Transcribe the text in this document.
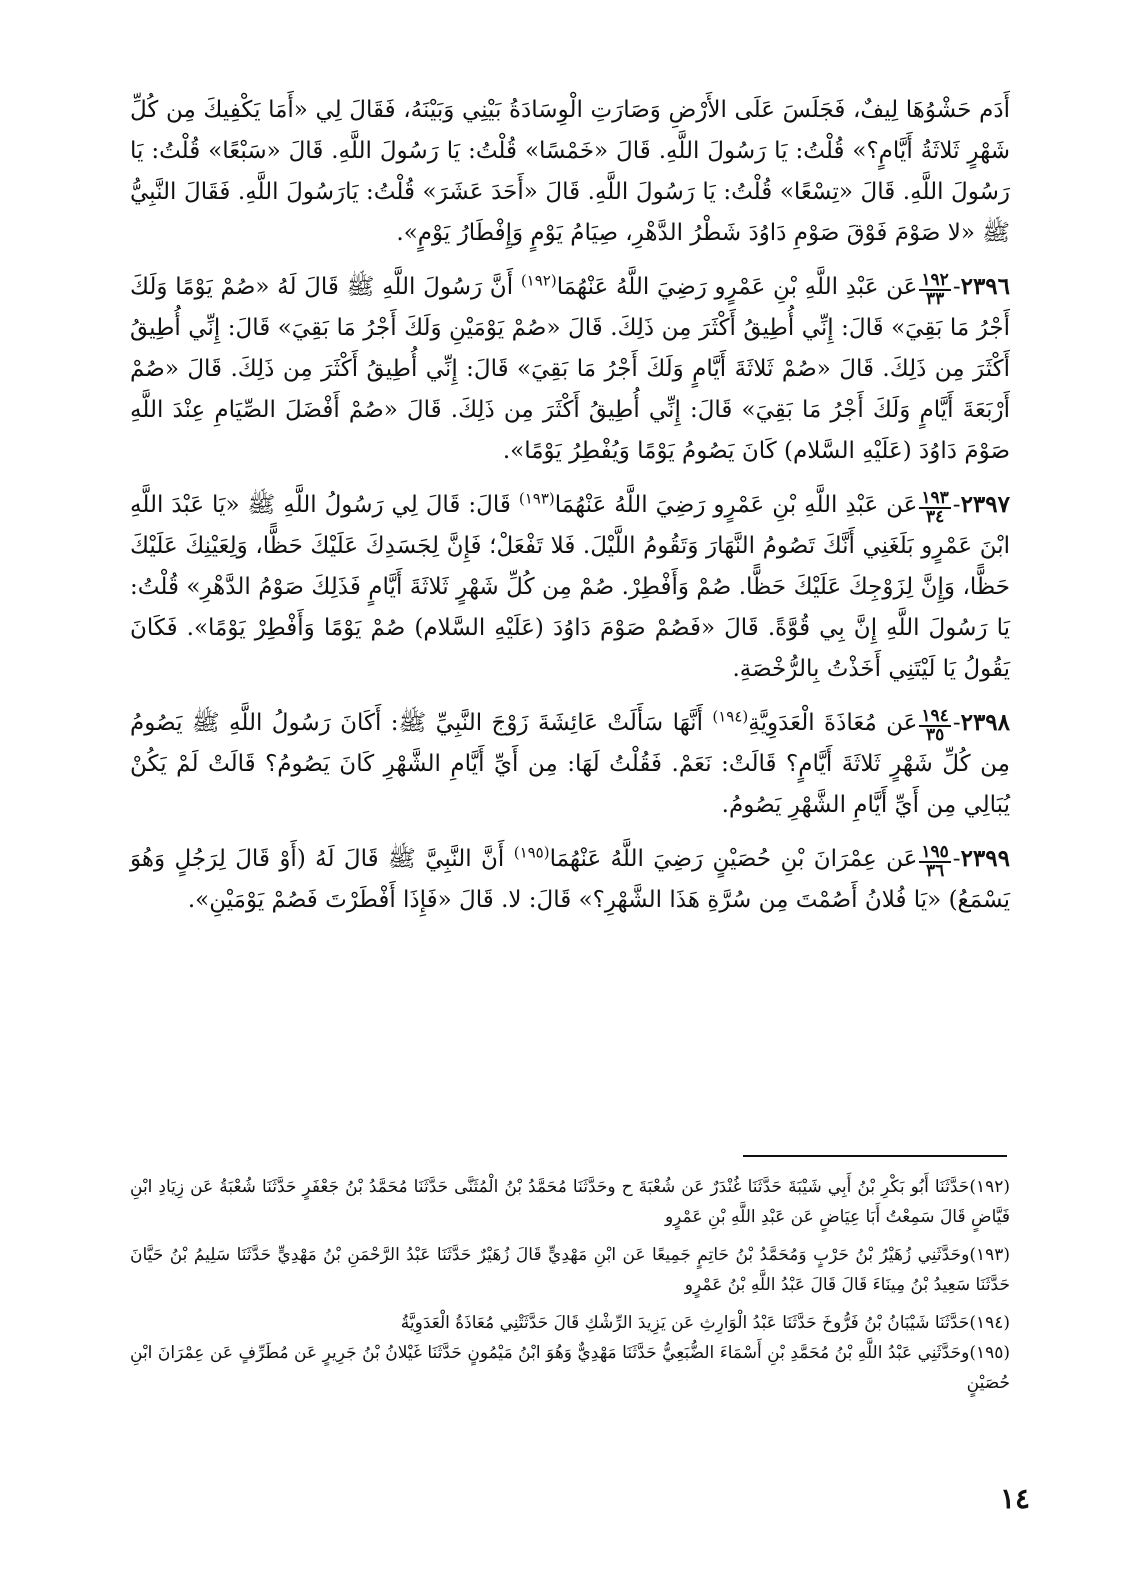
أَدَم حَشْوُهَا لِيفٌ، فَجَلَسَ عَلَى الأَرْضِ وَصَارَتِ الْوِسَادَةُ بَيْنِي وَبَيْنَهُ، فَقَالَ لِي «أَمَا يَكْفِيكَ مِن كُلِّ شَهْرٍ ثَلاثَةُ أَيَّامٍ؟» قُلْتُ: يَا رَسُولَ اللَّهِ. قَالَ «خَمْسًا» قُلْتُ: يَا رَسُولَ اللَّهِ. قَالَ «سَبْعًا» قُلْتُ: يَا رَسُولَ اللَّهِ. قَالَ «تِسْعًا» قُلْتُ: يَا رَسُولَ اللَّهِ. قَالَ «أَحَدَ عَشَرَ» قُلْتُ: يَارَسُولَ اللَّهِ. فَقَالَ النَّبِيُّ ﷺ «لا صَوْمَ فَوْقَ صَوْمِ دَاوُدَ شَطْرُ الدَّهْرِ، صِيَامُ يَوْمٍ وَإِفْطَارُ يَوْمٍ».

٢٣٩٦-
$\frac{١٩٢}{٣٣}$
عَن عَبْدِ اللَّهِ بْنِ عَمْرٍو رَضِيَ اللَّهُ عَنْهُمَا$^{(١٩٢)}$ أَنَّ رَسُولَ اللَّهِ ﷺ قَالَ لَهُ «صُمْ يَوْمًا وَلَكَ أَجْرُ مَا بَقِيَ» قَالَ: إِنِّي أُطِيقُ أَكْثَرَ مِن ذَلِكَ. قَالَ «صُمْ يَوْمَيْنِ وَلَكَ أَجْرُ مَا بَقِيَ» قَالَ: إِنِّي أُطِيقُ أَكْثَرَ مِن ذَلِكَ. قَالَ «صُمْ ثَلاثَةَ أَيَّامٍ وَلَكَ أَجْرُ مَا بَقِيَ» قَالَ: إِنِّي أُطِيقُ أَكْثَرَ مِن ذَلِكَ. قَالَ «صُمْ أَرْبَعَةَ أَيَّامٍ وَلَكَ أَجْرُ مَا بَقِيَ» قَالَ: إِنِّي أُطِيقُ أَكْثَرَ مِن ذَلِكَ. قَالَ «صُمْ أَفْضَلَ الصِّيَامِ عِنْدَ اللَّهِ صَوْمَ دَاوُدَ (عَلَيْهِ السَّلام) كَانَ يَصُومُ يَوْمًا وَيُفْطِرُ يَوْمًا».

٢٣٩٧-
$\frac{١٩٣}{٣٤}$
عَن عَبْدِ اللَّهِ بْنِ عَمْرٍو رَضِيَ اللَّهُ عَنْهُمَا$^{(١٩٣)}$ قَالَ: قَالَ لِي رَسُولُ اللَّهِ ﷺ «يَا عَبْدَ اللَّهِ ابْنَ عَمْرٍو بَلَغَنِي أَنَّكَ تَصُومُ النَّهَارَ وَتَقُومُ اللَّيْلَ. فَلا تَفْعَلْ؛ فَإِنَّ لِجَسَدِكَ عَلَيْكَ حَظًّا، وَلِعَيْنِكَ عَلَيْكَ حَظًّا، وَإِنَّ لِزَوْجِكَ عَلَيْكَ حَظًّا. صُمْ وَأَفْطِرْ. صُمْ مِن كُلِّ شَهْرٍ ثَلاثَةَ أَيَّامٍ فَذَلِكَ صَوْمُ الدَّهْرِ» قُلْتُ: يَا رَسُولَ اللَّهِ إِنَّ بِي قُوَّةً. قَالَ «فَصُمْ صَوْمَ دَاوُدَ (عَلَيْهِ السَّلام) صُمْ يَوْمًا وَأَفْطِرْ يَوْمًا». فَكَانَ يَقُولُ يَا لَيْتَنِي أَخَذْتُ بِالرُّخْصَةِ.

٢٣٩٨-
$\frac{١٩٤}{٣٥}$
عَن مُعَاذَةَ الْعَدَوِيَّةِ$^{(١٩٤)}$ أَنَّهَا سَأَلَتْ عَائِشَةَ زَوْجَ النَّبِيِّ ﷺ: أَكَانَ رَسُولُ اللَّهِ ﷺ يَصُومُ مِن كُلِّ شَهْرٍ ثَلاثَةَ أَيَّامٍ؟ قَالَتْ: نَعَمْ. فَقُلْتُ لَهَا: مِن أَيِّ أَيَّامِ الشَّهْرِ كَانَ يَصُومُ؟ قَالَتْ لَمْ يَكُنْ يُبَالِي مِن أَيِّ أَيَّامِ الشَّهْرِ يَصُومُ.

٢٣٩٩-
$\frac{١٩٥}{٣٦}$
عَن عِمْرَانَ بْنِ حُصَيْنٍ رَضِيَ اللَّهُ عَنْهُمَا$^{(١٩٥)}$ أَنَّ النَّبِيَّ ﷺ قَالَ لَهُ (أَوْ قَالَ لِرَجُلٍ وَهُوَ يَسْمَعُ) «يَا فُلانُ أَصُمْتَ مِن سُرَّةِ هَذَا الشَّهْرِ؟» قَالَ: لا. قَالَ «فَإِذَا أَفْطَرْتَ فَصُمْ يَوْمَيْنِ».

(١٩٢)حَدَّثَنَا أَبُو بَكْرِ بْنُ أَبِي شَيْبَةَ حَدَّثَنَا غُنْدَرٌ عَن شُعْبَةَ ح وحَدَّثَنَا مُحَمَّدُ بْنُ الْمُثَنَّى حَدَّثَنَا مُحَمَّدُ بْنُ جَعْفَرٍ حَدَّثَنَا شُعْبَةُ عَن زِيَادِ ابْنِ فَيَّاضٍ قَالَ سَمِعْتُ أَبَا عِيَاضٍ عَن عَبْدِ اللَّهِ بْنِ عَمْرٍو

(١٩٣)وحَدَّثَنِي زُهَيْرُ بْنُ حَرْبٍ وَمُحَمَّدُ بْنُ حَاتِمٍ جَمِيعًا عَن ابْنِ مَهْدِيٍّ قَالَ زُهَيْرٌ حَدَّثَنَا عَبْدُ الرَّحْمَنِ بْنُ مَهْدِيٍّ حَدَّثَنَا سَلِيمُ بْنُ حَيَّانَ حَدَّثَنَا سَعِيدُ بْنُ مِينَاءَ قَالَ قَالَ عَبْدُ اللَّهِ بْنُ عَمْرٍو

(١٩٤)حَدَّثَنَا شَيْبَانُ بْنُ فَرُّوخَ حَدَّثَنَا عَبْدُ الْوَارِثِ عَن يَزِيدَ الرِّشْكِ قَالَ حَدَّثَتْنِي مُعَاذَةُ الْعَدَوِيَّةُ

(١٩٥)وحَدَّثَنِي عَبْدُ اللَّهِ بْنُ مُحَمَّدِ بْنِ أَسْمَاءَ الضُّبَعِيُّ حَدَّثَنَا مَهْدِيٌّ وَهُوَ ابْنُ مَيْمُونٍ حَدَّثَنَا غَيْلانُ بْنُ جَرِيرٍ عَن مُطَرِّفٍ عَن عِمْرَانَ ابْنِ حُصَيْنٍ

١٤
